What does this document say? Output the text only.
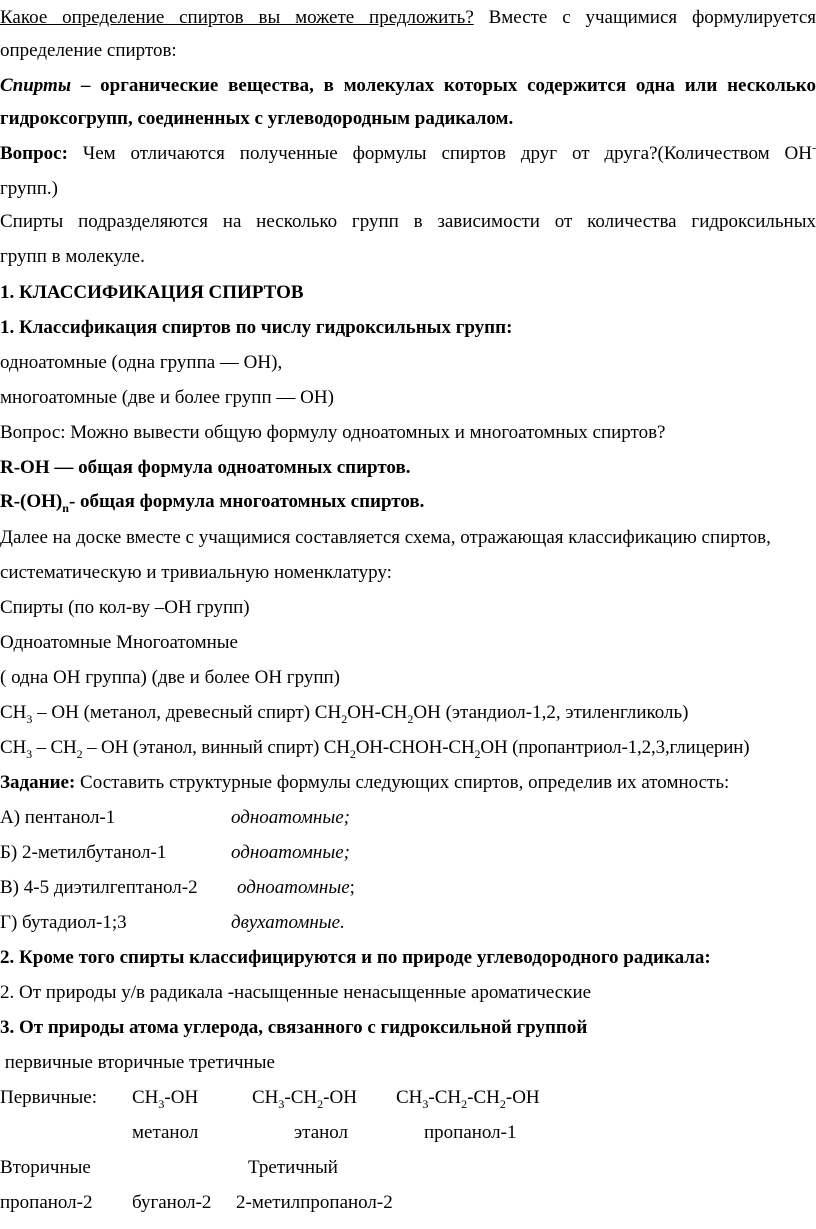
Какое определение спиртов вы можете предложить? Вместе с учащимися формулируется
определение спиртов:
Спирты – органические вещества, в молекулах которых содержится одна или несколько
гидроксогрупп, соединенных с углеводородным радикалом.
Вопрос: Чем отличаются полученные формулы спиртов друг от друга?(Количеством ОН-
групп.)
Спирты подразделяются на несколько групп в зависимости от количества гидроксильных
групп в молекуле.
1. КЛАССИФИКАЦИЯ СПИРТОВ
1. Классификация спиртов по числу гидроксильных групп:
одноатомные (одна группа — ОН),
многоатомные (две и более групп — ОН)
Вопрос: Можно вывести общую формулу одноатомных и многоатомных спиртов?
R-OH — общая формула одноатомных спиртов.
$R-(OH)_n-$ общая формула многоатомных спиртов.
Далее на доске вместе с учащимися составляется схема, отражающая классификацию спиртов,
систематическую и тривиальную номенклатуру:
Спирты (по кол-ву –ОН групп)
Одноатомные Многоатомные
( одна ОН группа) (две и более ОН групп)
$CH_3$ – OH (метанол, древесный спирт) $CH_2OH-CH_2OH$ (этандиол-1,2, этиленгликоль)
$CH_3 - CH_2$ – OH (этанол, винный спирт) $CH_2OH-CHOH-CH_2OH$ (пропантриол-1,2,3,глицерин)
Задание: Составить структурные формулы следующих спиртов, определив их атомность:
А) пентанол-1	одноатомные;
Б) 2-метилбутанол-1	одноатомные;
В) 4-5 диэтилгептанол-2 одноатомные;
Г) бутадиол-1;3	двухатомные.
2. Кроме того спирты классифицируются и по природе углеводородного радикала:
2. От природы у/в радикала -насыщенные ненасыщенные ароматические
3. От природы атома углерода, связанного с гидроксильной группой
первичные вторичные третичные
Первичные: $CH_3-OH$	$CH_3-CH_2-OH$ $CH_3-CH_2-CH_2-OH$
метанол	этанол	пропанол-1
Вторичные	Третичный
пропанол-2 буганол-2 2-метилпропанол-2
